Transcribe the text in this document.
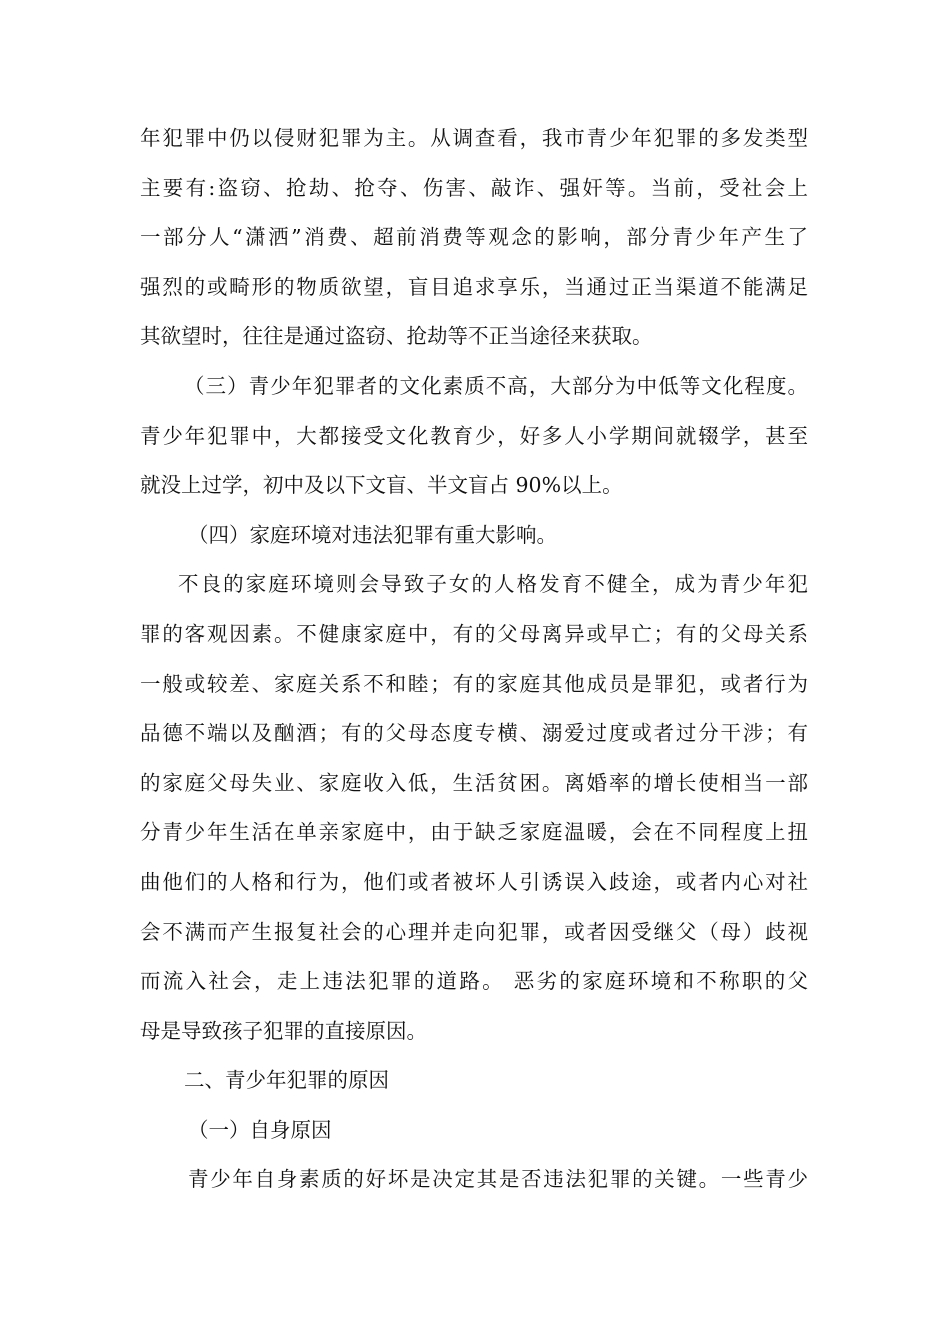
年犯罪中仍以侵财犯罪为主。从调查看，我市青少年犯罪的多发类型
主要有:盗窃、抢劫、抢夺、伤害、敲诈、强奸等。当前，受社会上
一部分人“潇洒”消费、超前消费等观念的影响，部分青少年产生了
强烈的或畸形的物质欲望，盲目追求享乐，当通过正当渠道不能满足
其欲望时，往往是通过盗窃、抢劫等不正当途径来获取。
（三）青少年犯罪者的文化素质不高，大部分为中低等文化程度。
青少年犯罪中，大都接受文化教育少，好多人小学期间就辍学，甚至
就没上过学，初中及以下文盲、半文盲占 90%以上。
（四）家庭环境对违法犯罪有重大影响。
不良的家庭环境则会导致子女的人格发育不健全，成为青少年犯
罪的客观因素。不健康家庭中，有的父母离异或早亡；有的父母关系
一般或较差、家庭关系不和睦；有的家庭其他成员是罪犯，或者行为
品德不端以及酗酒；有的父母态度专横、溺爱过度或者过分干涉；有
的家庭父母失业、家庭收入低，生活贫困。离婚率的增长使相当一部
分青少年生活在单亲家庭中，由于缺乏家庭温暖，会在不同程度上扭
曲他们的人格和行为，他们或者被坏人引诱误入歧途，或者内心对社
会不满而产生报复社会的心理并走向犯罪，或者因受继父（母）歧视
而流入社会，走上违法犯罪的道路。 恶劣的家庭环境和不称职的父
母是导致孩子犯罪的直接原因。
二、青少年犯罪的原因
（一）自身原因
青少年自身素质的好坏是决定其是否违法犯罪的关键。一些青少
